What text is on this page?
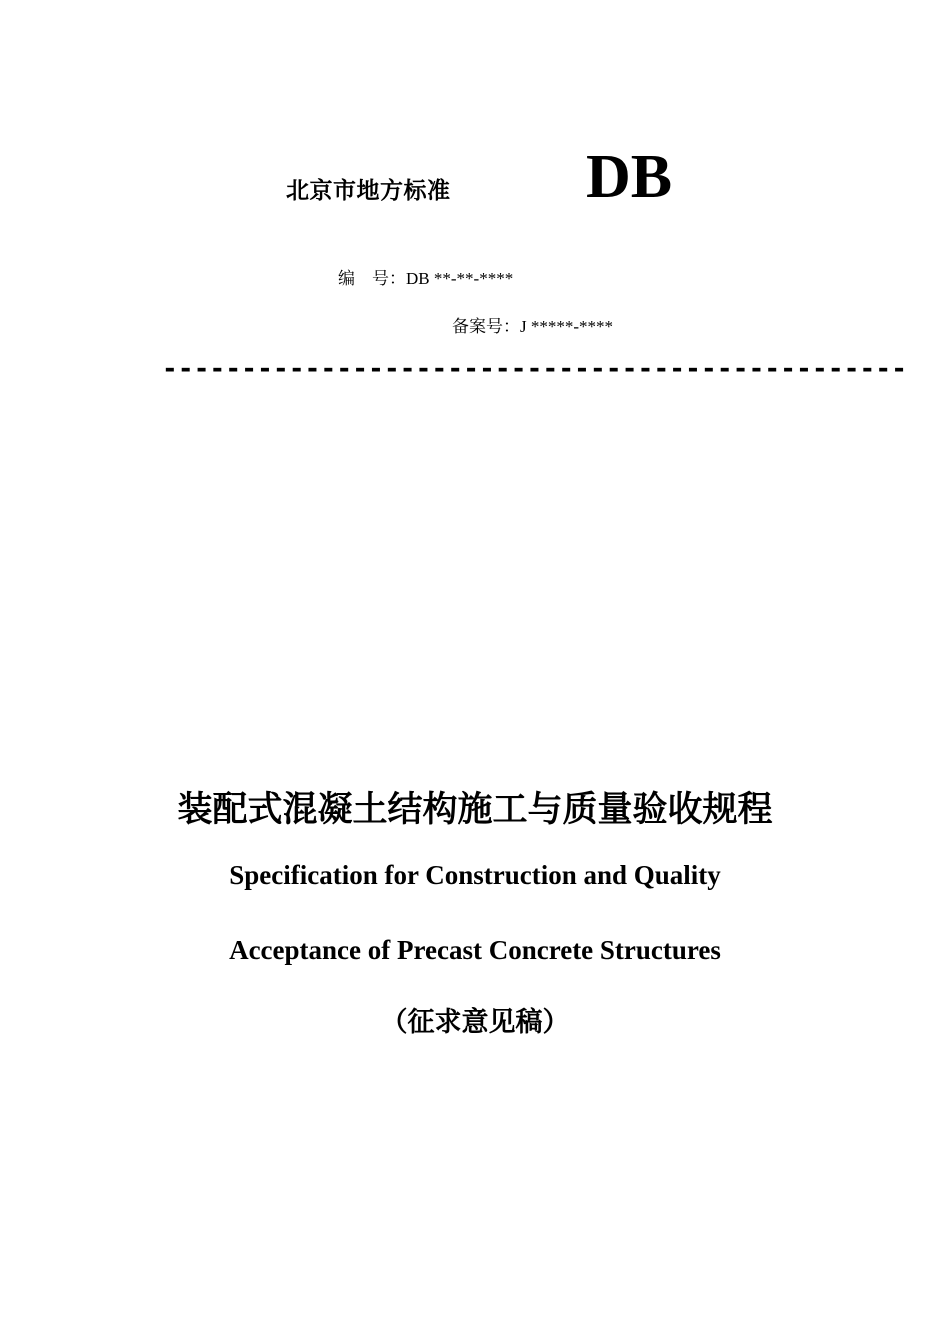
北京市地方标准 DB
编　号：DB **-**-****
备案号：J *****-****
-----------------------------------------------
装配式混凝土结构施工与质量验收规程
Specification for Construction and Quality
Acceptance of Precast Concrete Structures
（征求意见稿）
